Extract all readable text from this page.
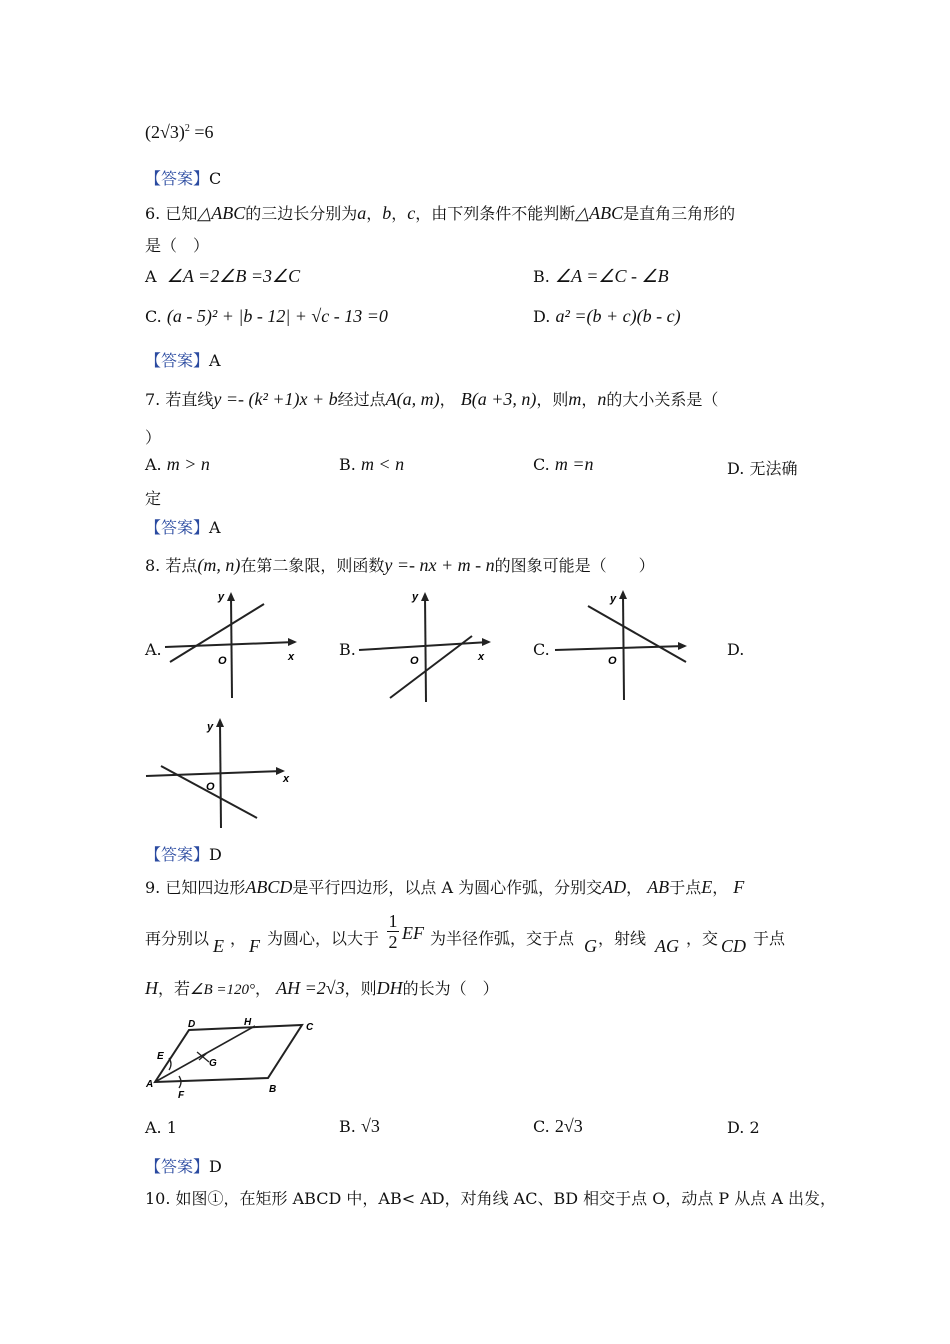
$(2√3)^2 =6$
【答案】C
6. 已知△ABC的三边长分别为a，b，c，由下列条件不能判断△ABC是直角三角形的
是（　）
A ∠A =2∠B =3∠C	B. ∠A =∠C - ∠B
C. (a - 5)² + |b - 12| + √c - 13 =0	D. a² =(b + c)(b - c)
【答案】A
7. 若直线y =- (k² +1)x + b经过点A(a, m)， B(a +3, n)，则m，n的大小关系是（
）
A. m > n	B. m < n	C. m =n	D. 无法确
定
【答案】A
8. 若点(m, n)在第二象限，则函数y =- nx + m - n的图象可能是（　　）
A.	B.	C.	D.
y
x
O
y
x
O
y
O
y
x
O
【答案】D
9. 已知四边形ABCD是平行四边形，以点 A 为圆心作弧，分别交AD， AB于点E， F
再分别以 E ， F 为圆心，以大于
1
2 EF 为半径作弧，交于点 G ，射线 AG ，交 CD 于点
H，若∠B =120°， AH =2√3，则DH的长为（　）
A	B
C
D
E
F
G
H
A. 1	B. √3	C. 2√3	D. 2
【答案】D
10. 如图①，在矩形 ABCD 中，AB< AD，对角线 AC、BD 相交于点 O，动点 P 从点 A 出发，
